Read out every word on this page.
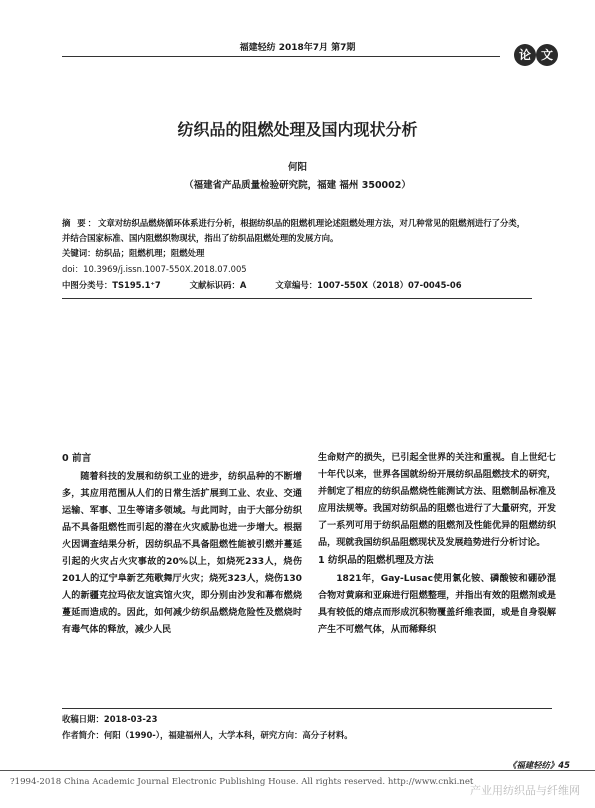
福建轻纺 2018年7月 第7期	论 文
纺织品的阻燃处理及国内现状分析
何阳
（福建省产品质量检验研究院，福建 福州 350002）
摘 要：文章对纺织品燃烧循环体系进行分析，根据纺织品的阻燃机理论述阻燃处理方法，对几种常见的阻燃剂进行了分类，并结合国家标准、国内阻燃织物现状，指出了纺织品阻燃处理的发展方向。
关键词：纺织品；阻燃机理；阻燃处理
doi：10.3969/j.issn.1007-550X.2018.07.005
中图分类号：TS195.1⁺7	文献标识码：A	文章编号：1007-550X（2018）07-0045-06
0 前言
随着科技的发展和纺织工业的进步，纺织品种的不断增多，其应用范围从人们的日常生活扩展到工业、农业、交通运输、军事、卫生等诸多领域。与此同时，由于大部分纺织品不具备阻燃性而引起的潜在火灾威胁也进一步增大。根据火因调查结果分析，因纺织品不具备阻燃性能被引燃并蔓延引起的火灾占火灾事故的20%以上，如烧死233人，烧伤201人的辽宁阜新艺苑歌舞厅火灾；烧死323人，烧伤130人的新疆克拉玛依友谊宾馆火灾，即分别由沙发和幕布燃烧蔓延而造成的。因此，如何减少纺织品燃烧危险性及燃烧时有毒气体的释放，减少人民
生命财产的损失，已引起全世界的关注和重视。自上世纪七十年代以来，世界各国就纷纷开展纺织品阻燃技术的研究，并制定了相应的纺织品燃烧性能测试方法、阻燃制品标准及应用法规等。我国对纺织品的阻燃也进行了大量研究，开发了一系列可用于纺织品阻燃的阻燃剂及性能优异的阻燃纺织品，现就我国纺织品阻燃现状及发展趋势进行分析讨论。
1 纺织品的阻燃机理及方法
1821年，Gay-Lusac使用氯化铵、磷酸铵和硼砂混合物对黄麻和亚麻进行阻燃整理，并指出有效的阻燃剂或是具有较低的熔点而形成沉积物覆盖纤维表面，或是自身裂解产生不可燃气体，从而稀释织
收稿日期：2018-03-23
作者简介：何阳（1990-），福建福州人，大学本科，研究方向：高分子材料。
《福建轻纺》45
?1994-2018 China Academic Journal Electronic Publishing House. All rights reserved. http://www.cnki.net
产业用纺织品与纤维网
